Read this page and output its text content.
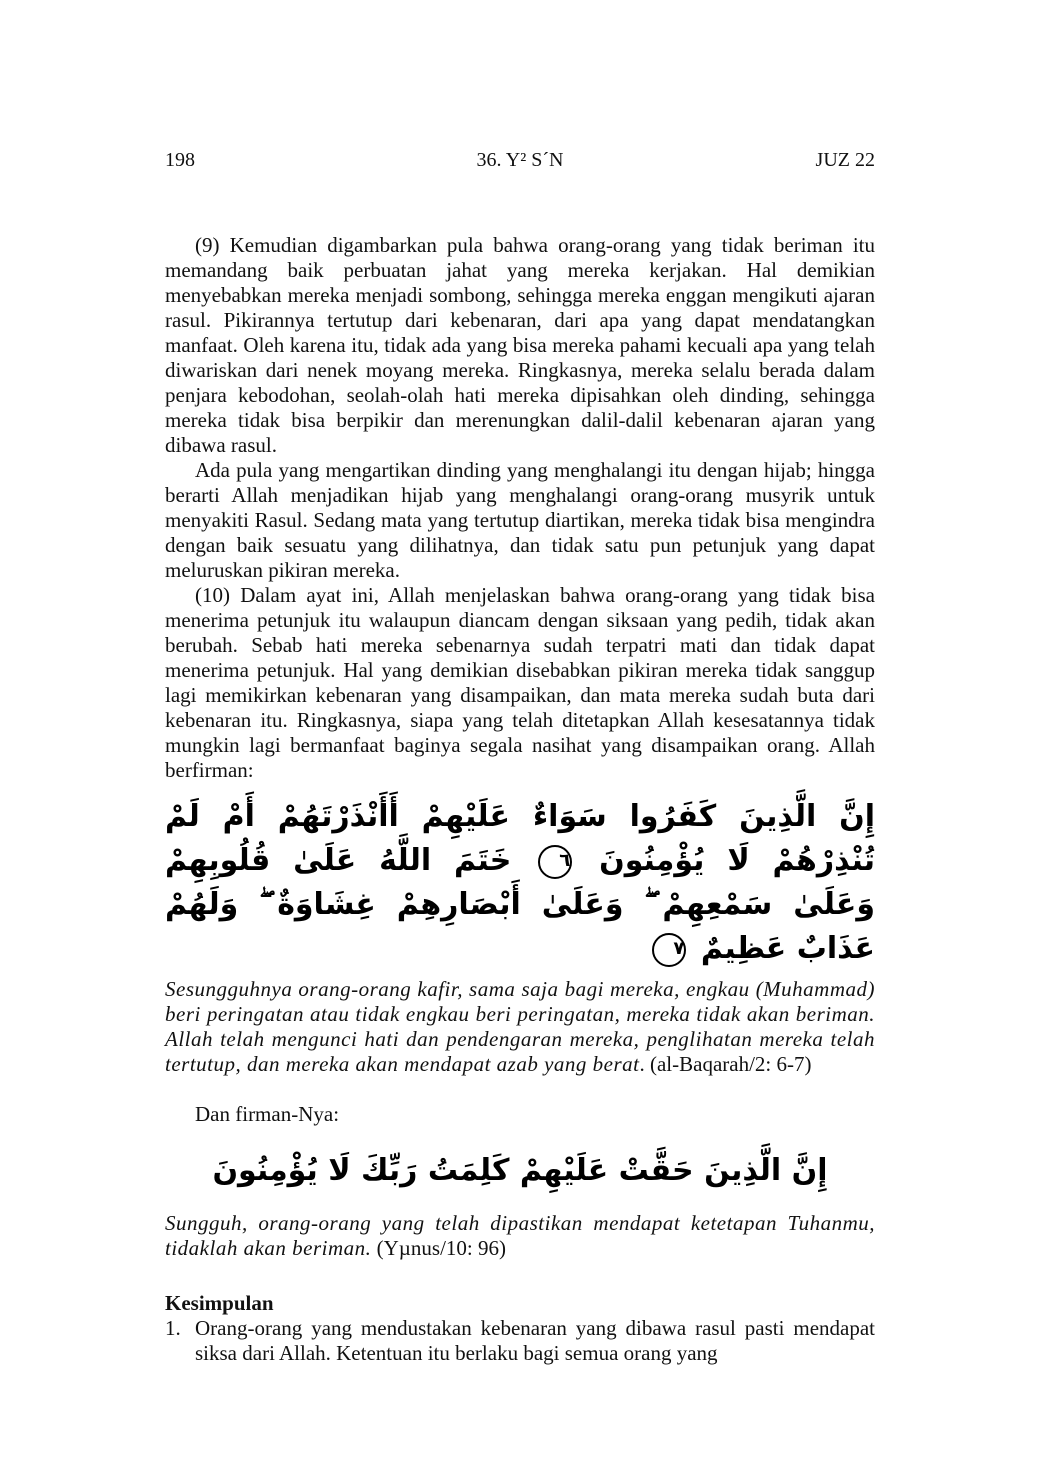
198	36. Y² S´N	JUZ 22

(9) Kemudian digambarkan pula bahwa orang-orang yang tidak beriman itu memandang baik perbuatan jahat yang mereka kerjakan. Hal demikian menyebabkan mereka menjadi sombong, sehingga mereka enggan mengikuti ajaran rasul. Pikirannya tertutup dari kebenaran, dari apa yang dapat mendatangkan manfaat. Oleh karena itu, tidak ada yang bisa mereka pahami kecuali apa yang telah diwariskan dari nenek moyang mereka. Ringkasnya, mereka selalu berada dalam penjara kebodohan, seolah-olah hati mereka dipisahkan oleh dinding, sehingga mereka tidak bisa berpikir dan merenungkan dalil-dalil kebenaran ajaran yang dibawa rasul.

Ada pula yang mengartikan dinding yang menghalangi itu dengan hijab; hingga berarti Allah menjadikan hijab yang menghalangi orang-orang musyrik untuk menyakiti Rasul. Sedang mata yang tertutup diartikan, mereka tidak bisa mengindra dengan baik sesuatu yang dilihatnya, dan tidak satu pun petunjuk yang dapat meluruskan pikiran mereka.

(10) Dalam ayat ini, Allah menjelaskan bahwa orang-orang yang tidak bisa menerima petunjuk itu walaupun diancam dengan siksaan yang pedih, tidak akan berubah. Sebab hati mereka sebenarnya sudah terpatri mati dan tidak dapat menerima petunjuk. Hal yang demikian disebabkan pikiran mereka tidak sanggup lagi memikirkan kebenaran yang disampaikan, dan mata mereka sudah buta dari kebenaran itu. Ringkasnya, siapa yang telah ditetapkan Allah kesesatannya tidak mungkin lagi bermanfaat baginya segala nasihat yang disampaikan orang. Allah berfirman:

إِنَّ الَّذِينَ كَفَرُوا سَوَاءٌ عَلَيْهِمْ أَأَنْذَرْتَهُمْ أَمْ لَمْ تُنْذِرْهُمْ لَا يُؤْمِنُونَ ٦ خَتَمَ اللَّهُ عَلَىٰ قُلُوبِهِمْ وَعَلَىٰ سَمْعِهِمْ ۖ وَعَلَىٰ أَبْصَارِهِمْ غِشَاوَةٌ ۖ وَلَهُمْ عَذَابٌ عَظِيمٌ ٧

Sesungguhnya orang-orang kafir, sama saja bagi mereka, engkau (Muhammad) beri peringatan atau tidak engkau beri peringatan, mereka tidak akan beriman. Allah telah mengunci hati dan pendengaran mereka, penglihatan mereka telah tertutup, dan mereka akan mendapat azab yang berat. (al-Baqarah/2: 6-7)

Dan firman-Nya:

إِنَّ الَّذِينَ حَقَّتْ عَلَيْهِمْ كَلِمَتُ رَبِّكَ لَا يُؤْمِنُونَ

Sungguh, orang-orang yang telah dipastikan mendapat ketetapan Tuhanmu, tidaklah akan beriman. (Yµnus/10: 96)

Kesimpulan

1. Orang-orang yang mendustakan kebenaran yang dibawa rasul pasti mendapat siksa dari Allah. Ketentuan itu berlaku bagi semua orang yang
